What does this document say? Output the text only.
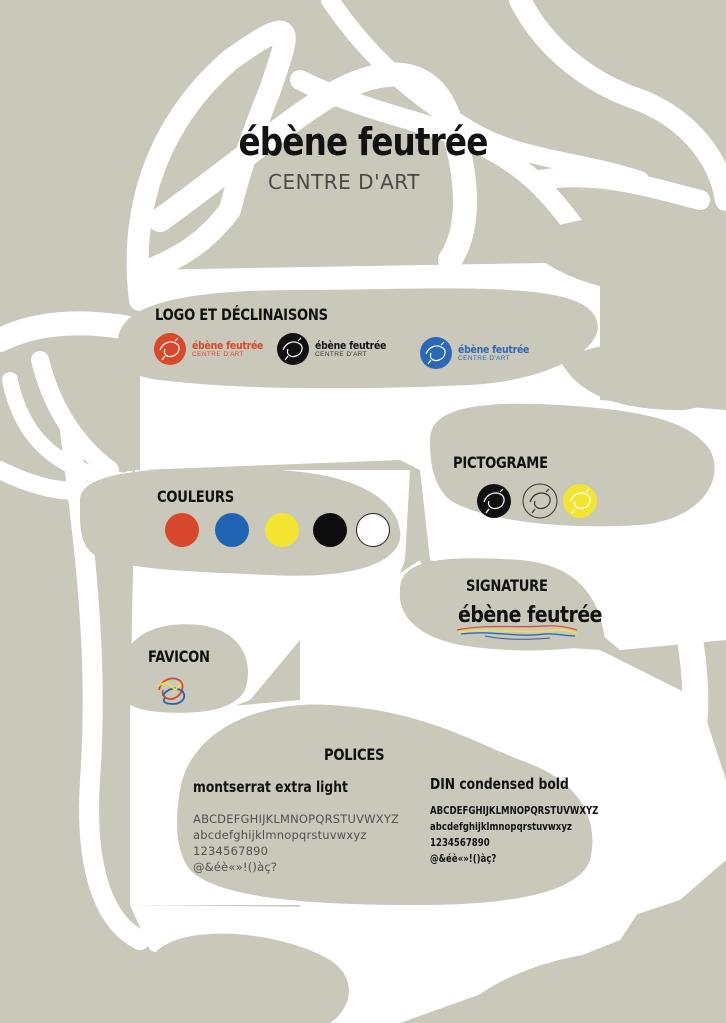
ébène feutrée
CENTRE D'ART
LOGO ET DÉCLINAISONS
ébène feutrée
CENTRE D'ART
ébène feutrée
CENTRE D'ART	ébène feutrée
CENTRE D'ART
COULEURS
PICTOGRAME
SIGNATURE
ébène feutrée
FAVICON
POLICES
montserrat extra light
ABCDEFGHIJKLMNOPQRSTUVWXYZ
abcdefghijklmnopqrstuvwxyz
1234567890
@&éè«»!()àç?
DIN condensed bold
ABCDEFGHIJKLMNOPQRSTUVWXYZ
abcdefghijklmnopqrstuvwxyz
1234567890
@&éè«»!()àç?
